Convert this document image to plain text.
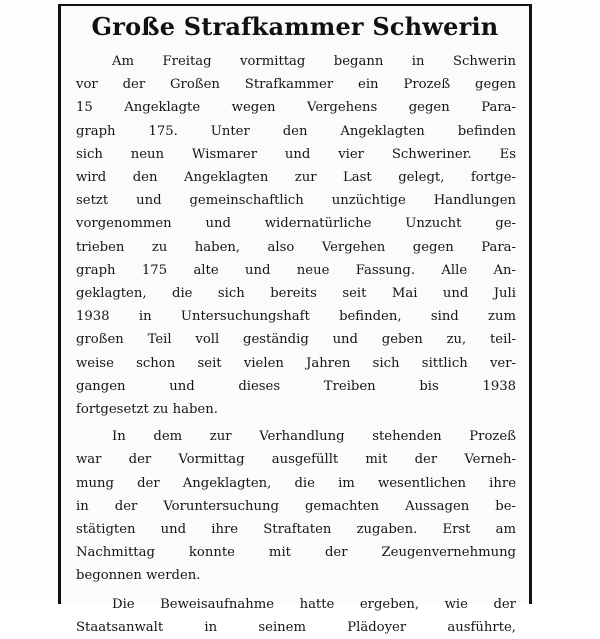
Große Strafkammer Schwerin
Am Freitag vormittag begann in Schwerin
vor der Großen Strafkammer ein Prozeß gegen
15 Angeklagte wegen Vergehens gegen Para-
graph 175. Unter den Angeklagten befinden
sich neun Wismarer und vier Schweriner. Es
wird den Angeklagten zur Last gelegt, fortge-
setzt und gemeinschaftlich unzüchtige Handlungen
vorgenommen und widernatürliche Unzucht ge-
trieben zu haben, also Vergehen gegen Para-
graph 175 alte und neue Fassung. Alle An-
geklagten, die sich bereits seit Mai und Juli
1938 in Untersuchungshaft befinden, sind zum
großen Teil voll geständig und geben zu, teil-
weise schon seit vielen Jahren sich sittlich ver-
gangen und dieses Treiben bis 1938
fortgesetzt zu haben.
In dem zur Verhandlung stehenden Prozeß
war der Vormittag ausgefüllt mit der Verneh-
mung der Angeklagten, die im wesentlichen ihre
in der Voruntersuchung gemachten Aussagen be-
stätigten und ihre Straftaten zugaben. Erst am
Nachmittag konnte mit der Zeugenvernehmung
begonnen werden.
Die Beweisaufnahme hatte ergeben, wie der
Staatsanwalt in seinem Plädoyer ausführte,
